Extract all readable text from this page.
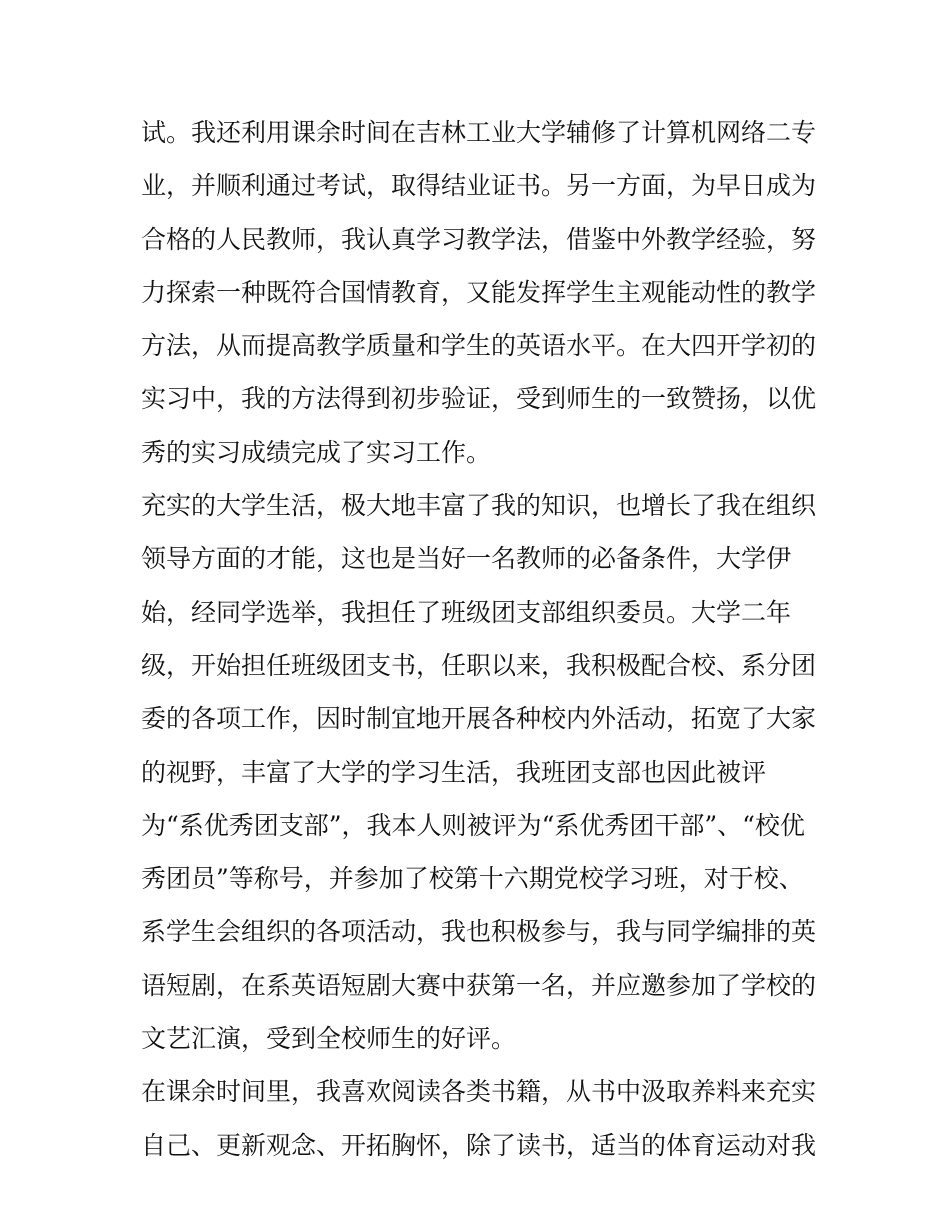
试。我还利用课余时间在吉林工业大学辅修了计算机网络二专
业，并顺利通过考试，取得结业证书。另一方面，为早日成为
合格的人民教师，我认真学习教学法，借鉴中外教学经验，努
力探索一种既符合国情教育，又能发挥学生主观能动性的教学
方法，从而提高教学质量和学生的英语水平。在大四开学初的
实习中，我的方法得到初步验证，受到师生的一致赞扬，以优
秀的实习成绩完成了实习工作。
充实的大学生活，极大地丰富了我的知识，也增长了我在组织
领导方面的才能，这也是当好一名教师的必备条件，大学伊
始，经同学选举，我担任了班级团支部组织委员。大学二年
级，开始担任班级团支书，任职以来，我积极配合校、系分团
委的各项工作，因时制宜地开展各种校内外活动，拓宽了大家
的视野，丰富了大学的学习生活，我班团支部也因此被评
为“系优秀团支部”，我本人则被评为“系优秀团干部”、“校优
秀团员”等称号，并参加了校第十六期党校学习班，对于校、
系学生会组织的各项活动，我也积极参与，我与同学编排的英
语短剧，在系英语短剧大赛中获第一名，并应邀参加了学校的
文艺汇演，受到全校师生的好评。
在课余时间里，我喜欢阅读各类书籍，从书中汲取养料来充实
自己、更新观念、开拓胸怀，除了读书，适当的体育运动对我
